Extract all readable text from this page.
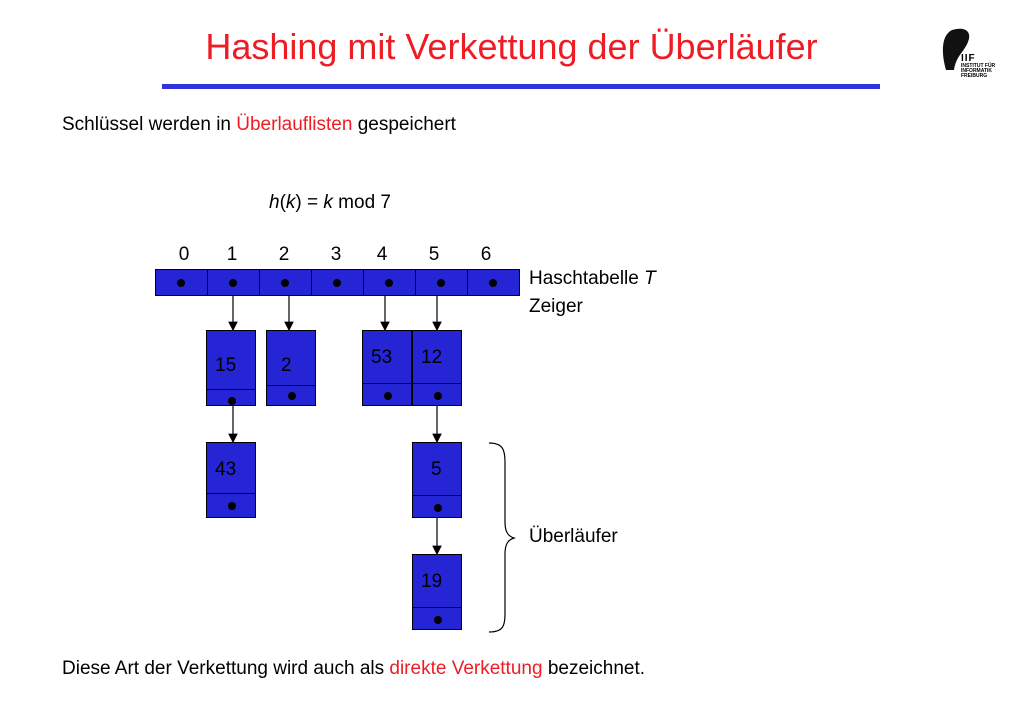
Hashing mit Verkettung der Überläufer	IIF
INSTITUT FÜR INFORMATIK FREIBURG
Schlüssel werden in Überlauflisten gespeichert
h(k) = k mod 7
0	1	2	3	4	5	6
Haschtabelle T
Zeiger
15
43
2	53	12
5
19
Überläufer
Diese Art der Verkettung wird auch als direkte Verkettung bezeichnet.
